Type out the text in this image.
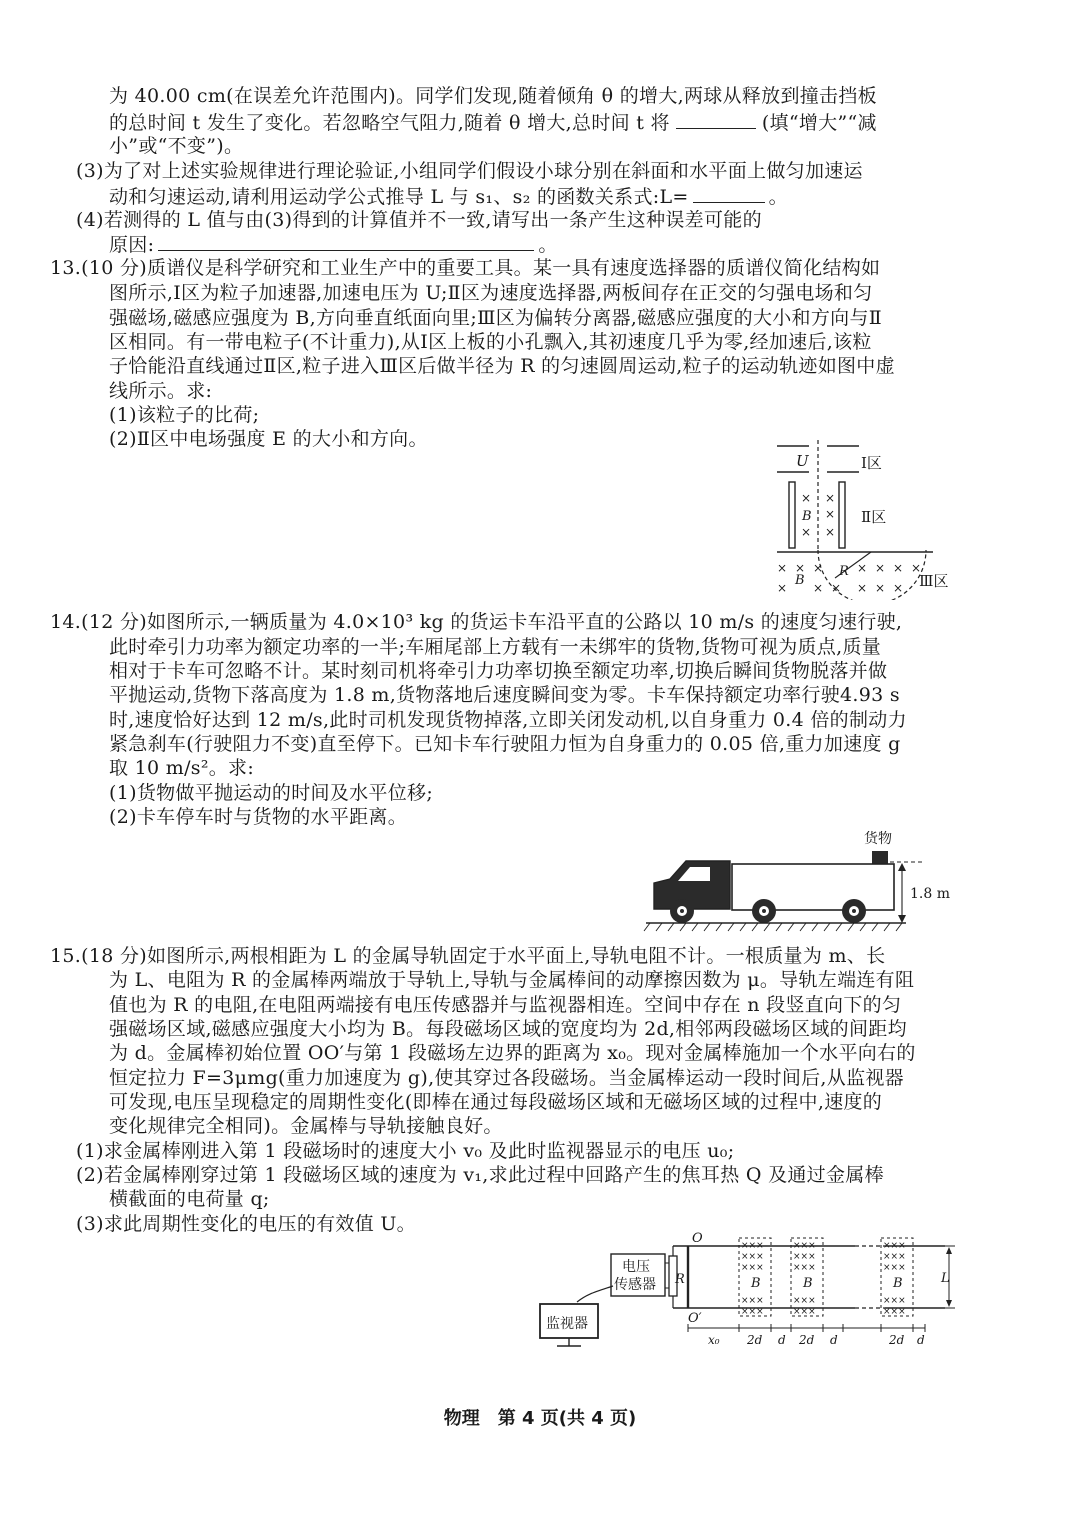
为 40.00 cm(在误差允许范围内)。同学们发现,随着倾角 θ 的增大,两球从释放到撞击挡板
的总时间 t 发生了变化。若忽略空气阻力,随着 θ 增大,总时间 t 将	(填“增大”“减
小”或“不变”)。
(3)为了对上述实验规律进行理论验证,小组同学们假设小球分别在斜面和水平面上做匀加速运
动和匀速运动,请利用运动学公式推导 L 与 s₁、s₂ 的函数关系式:L=	。
(4)若测得的 L 值与由(3)得到的计算值并不一致,请写出一条产生这种误差可能的
原因:	。
13.(10 分)质谱仪是科学研究和工业生产中的重要工具。某一具有速度选择器的质谱仪简化结构如
图所示,Ⅰ区为粒子加速器,加速电压为 U;Ⅱ区为速度选择器,两板间存在正交的匀强电场和匀
强磁场,磁感应强度为 B,方向垂直纸面向里;Ⅲ区为偏转分离器,磁感应强度的大小和方向与Ⅱ
区相同。有一带电粒子(不计重力),从Ⅰ区上板的小孔飘入,其初速度几乎为零,经加速后,该粒
子恰能沿直线通过Ⅱ区,粒子进入Ⅲ区后做半径为 R 的匀速圆周运动,粒子的运动轨迹如图中虚
线所示。求:
(1)该粒子的比荷;
(2)Ⅱ区中电场强度 E 的大小和方向。
U	Ⅰ区
× ×
×
× ×
B	Ⅱ区
× × ×	× × × ×
× × × × × ×
B
R
Ⅲ区
14.(12 分)如图所示,一辆质量为 4.0×10³ kg 的货运卡车沿平直的公路以 10 m/s 的速度匀速行驶,
此时牵引力功率为额定功率的一半;车厢尾部上方载有一未绑牢的货物,货物可视为质点,质量
相对于卡车可忽略不计。某时刻司机将牵引力功率切换至额定功率,切换后瞬间货物脱落并做
平抛运动,货物下落高度为 1.8 m,货物落地后速度瞬间变为零。卡车保持额定功率行驶4.93 s
时,速度恰好达到 12 m/s,此时司机发现货物掉落,立即关闭发动机,以自身重力 0.4 倍的制动力
紧急刹车(行驶阻力不变)直至停下。已知卡车行驶阻力恒为自身重力的 0.05 倍,重力加速度 g
取 10 m/s²。求:
(1)货物做平抛运动的时间及水平位移;
(2)卡车停车时与货物的水平距离。
货物
1.8 m
15.(18 分)如图所示,两根相距为 L 的金属导轨固定于水平面上,导轨电阻不计。一根质量为 m、长
为 L、电阻为 R 的金属棒两端放于导轨上,导轨与金属棒间的动摩擦因数为 μ。导轨左端连有阻
值也为 R 的电阻,在电阻两端接有电压传感器并与监视器相连。空间中存在 n 段竖直向下的匀
强磁场区域,磁感应强度大小均为 B。每段磁场区域的宽度均为 2d,相邻两段磁场区域的间距均
为 d。金属棒初始位置 OO′与第 1 段磁场左边界的距离为 x₀。现对金属棒施加一个水平向右的
恒定拉力 F=3μmg(重力加速度为 g),使其穿过各段磁场。当金属棒运动一段时间后,从监视器
可发现,电压呈现稳定的周期性变化(即棒在通过每段磁场区域和无磁场区域的过程中,速度的
变化规律完全相同)。金属棒与导轨接触良好。
(1)求金属棒刚进入第 1 段磁场时的速度大小 v₀ 及此时监视器显示的电压 u₀;
(2)若金属棒刚穿过第 1 段磁场区域的速度为 v₁,求此过程中回路产生的焦耳热 Q 及通过金属棒
横截面的电荷量 q;
(3)求此周期性变化的电压的有效值 U。
电压
传感器
监视器
R
O
O′
×××
×××
×××
×××
×××
×××
×××
×××
×××
×××
×××
×××
×××
×××
×××
B	B	B	L
x₀ 2d d 2d d	2d d
物理　第 4 页(共 4 页)
